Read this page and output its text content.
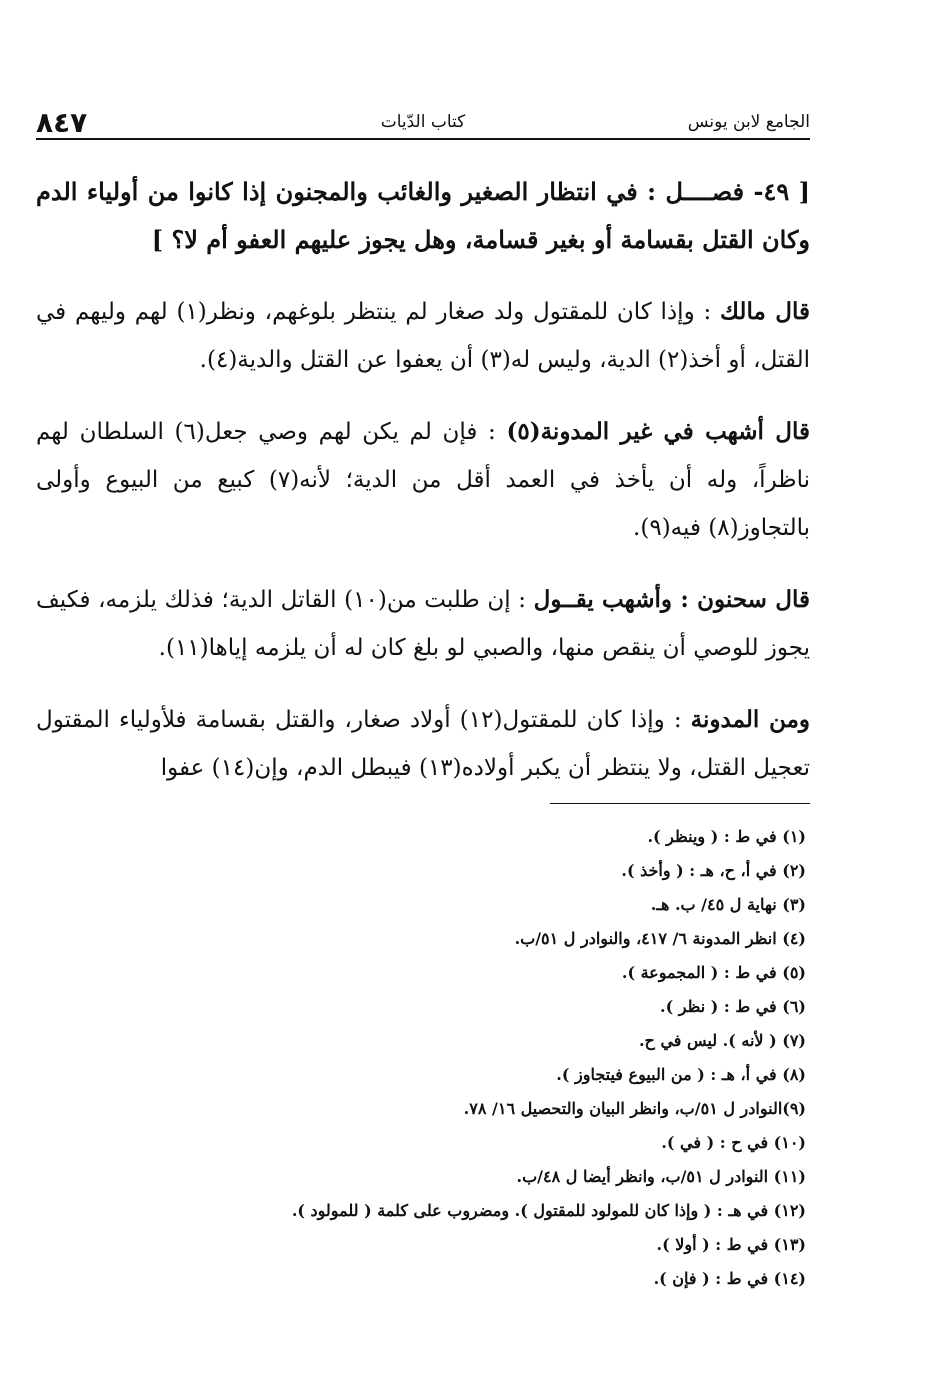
٨٤٧	كتاب الدّيات	الجامع لابن يونس

[ ٤٩- فصــــل : في انتظار الصغير والغائب والمجنون إذا كانوا من أولياء الدم وكان القتل بقسامة أو بغير قسامة، وهل يجوز عليهم العفو أم لا؟ ]

قال مالك : وإذا كان للمقتول ولد صغار لم ينتظر بلوغهم، ونظر(١) لهم وليهم في القتل، أو أخذ(٢) الدية، وليس له(٣) أن يعفوا عن القتل والدية(٤).

قال أشهب في غير المدونة(٥) : فإن لم يكن لهم وصي جعل(٦) السلطان لهم ناظراً، وله أن يأخذ في العمد أقل من الدية؛ لأنه(٧) كبيع من البيوع وأولى بالتجاوز(٨) فيه(٩).

قال سحنون : وأشهب يقــول : إن طلبت من(١٠) القاتل الدية؛ فذلك يلزمه، فكيف يجوز للوصي أن ينقص منها، والصبي لو بلغ كان له أن يلزمه إياها(١١).

ومن المدونة : وإذا كان للمقتول(١٢) أولاد صغار، والقتل بقسامة فلأولياء المقتول تعجيل القتل، ولا ينتظر أن يكبر أولاده(١٣) فيبطل الدم، وإن(١٤) عفوا

(١) في ط : ( وينظر ).
(٢) في أ، ح، هـ : ( وأخذ ).
(٣) نهاية ل ٤٥/ ب. هـ.
(٤) انظر المدونة ٦/ ٤١٧، والنوادر ل ٥١/ب.
(٥) في ط : ( المجموعة ).
(٦) في ط : ( نظر ).
(٧) ( لأنه ). ليس في ح.
(٨) في أ، هـ : ( من البيوع فيتجاوز ).
(٩)النوادر ل ٥١/ب، وانظر البيان والتحصيل ١٦/ ٧٨.
(١٠) في ح : ( في ).
(١١) النوادر ل ٥١/ب، وانظر أيضا ل ٤٨/ب.
(١٢) في هـ : ( وإذا كان للمولود للمقتول ). ومضروب على كلمة ( للمولود ).
(١٣) في ط : ( أولا ).
(١٤) في ط : ( فإن ).
